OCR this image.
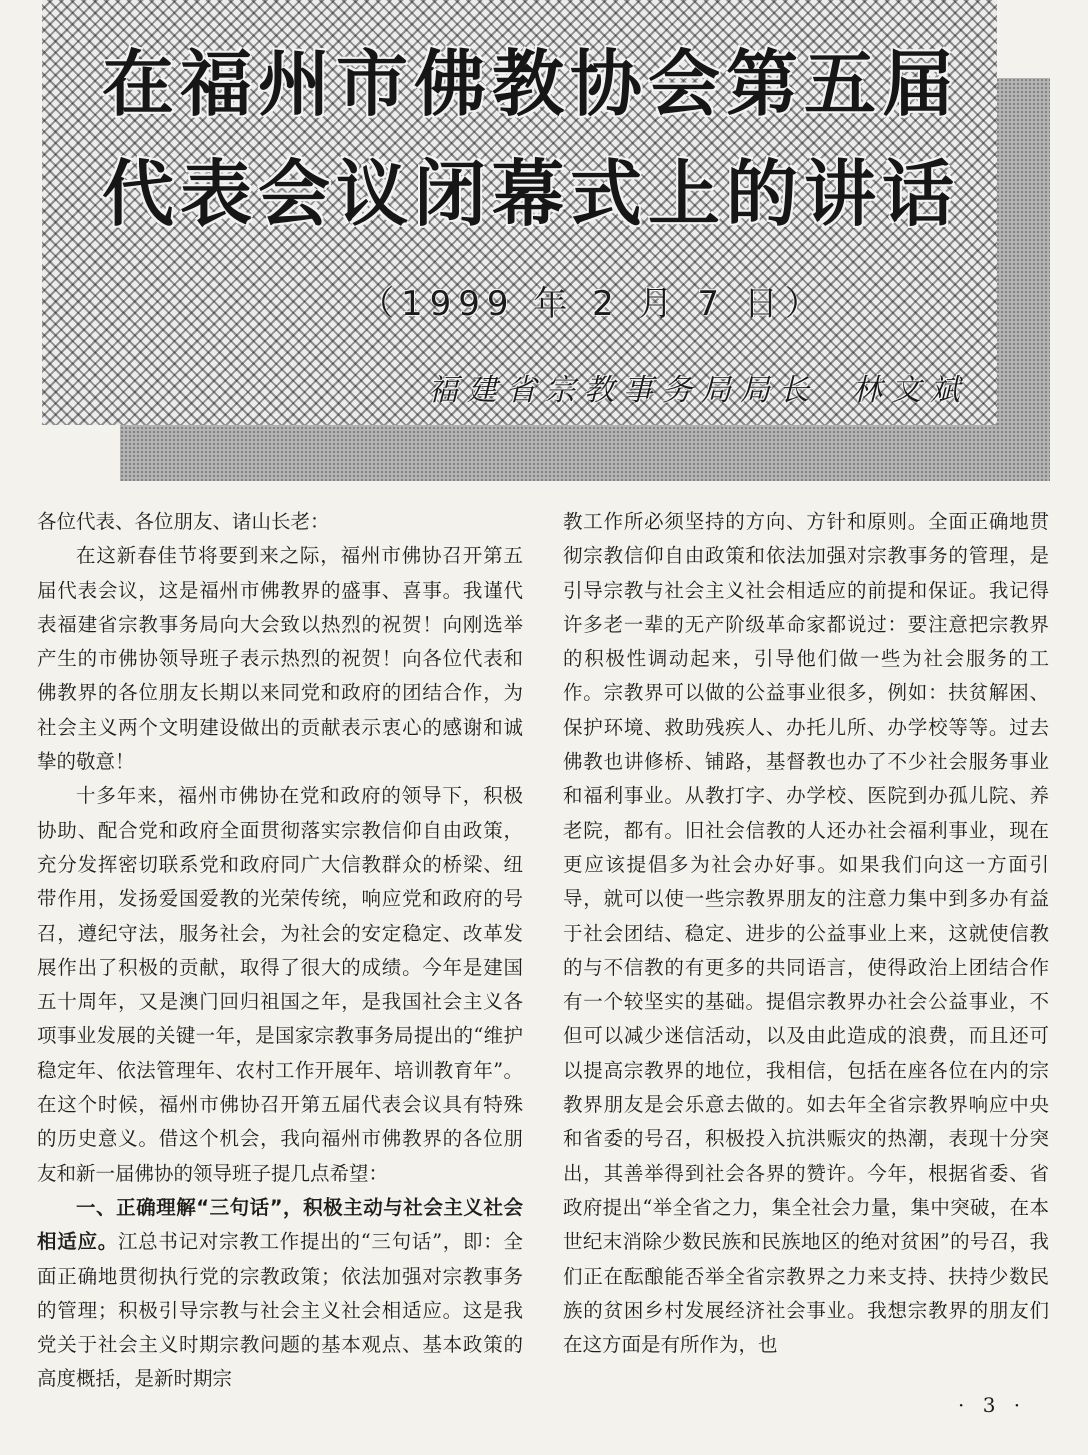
在福州市佛教协会第五届
代表会议闭幕式上的讲话
（1999 年 2 月 7 日）
福建省宗教事务局局长 林文斌

各位代表、各位朋友、诸山长老：

在这新春佳节将要到来之际，福州市佛协召开第五届代表会议，这是福州市佛教界的盛事、喜事。我谨代表福建省宗教事务局向大会致以热烈的祝贺！向刚选举产生的市佛协领导班子表示热烈的祝贺！向各位代表和佛教界的各位朋友长期以来同党和政府的团结合作，为社会主义两个文明建设做出的贡献表示衷心的感谢和诚挚的敬意！

十多年来，福州市佛协在党和政府的领导下，积极协助、配合党和政府全面贯彻落实宗教信仰自由政策，充分发挥密切联系党和政府同广大信教群众的桥梁、纽带作用，发扬爱国爱教的光荣传统，响应党和政府的号召，遵纪守法，服务社会，为社会的安定稳定、改革发展作出了积极的贡献，取得了很大的成绩。今年是建国五十周年，又是澳门回归祖国之年，是我国社会主义各项事业发展的关键一年，是国家宗教事务局提出的“维护稳定年、依法管理年、农村工作开展年、培训教育年”。在这个时候，福州市佛协召开第五届代表会议具有特殊的历史意义。借这个机会，我向福州市佛教界的各位朋友和新一届佛协的领导班子提几点希望：

一、正确理解“三句话”，积极主动与社会主义社会相适应。江总书记对宗教工作提出的“三句话”，即：全面正确地贯彻执行党的宗教政策；依法加强对宗教事务的管理；积极引导宗教与社会主义社会相适应。这是我党关于社会主义时期宗教问题的基本观点、基本政策的高度概括，是新时期宗

教工作所必须坚持的方向、方针和原则。全面正确地贯彻宗教信仰自由政策和依法加强对宗教事务的管理，是引导宗教与社会主义社会相适应的前提和保证。我记得许多老一辈的无产阶级革命家都说过：要注意把宗教界的积极性调动起来，引导他们做一些为社会服务的工作。宗教界可以做的公益事业很多，例如：扶贫解困、保护环境、救助残疾人、办托儿所、办学校等等。过去佛教也讲修桥、铺路，基督教也办了不少社会服务事业和福利事业。从教打字、办学校、医院到办孤儿院、养老院，都有。旧社会信教的人还办社会福利事业，现在更应该提倡多为社会办好事。如果我们向这一方面引导，就可以使一些宗教界朋友的注意力集中到多办有益于社会团结、稳定、进步的公益事业上来，这就使信教的与不信教的有更多的共同语言，使得政治上团结合作有一个较坚实的基础。提倡宗教界办社会公益事业，不但可以减少迷信活动，以及由此造成的浪费，而且还可以提高宗教界的地位，我相信，包括在座各位在内的宗教界朋友是会乐意去做的。如去年全省宗教界响应中央和省委的号召，积极投入抗洪赈灾的热潮，表现十分突出，其善举得到社会各界的赞许。今年，根据省委、省政府提出“举全省之力，集全社会力量，集中突破，在本世纪末消除少数民族和民族地区的绝对贫困”的号召，我们正在酝酿能否举全省宗教界之力来支持、扶持少数民族的贫困乡村发展经济社会事业。我想宗教界的朋友们在这方面是有所作为，也

· 3 ·
